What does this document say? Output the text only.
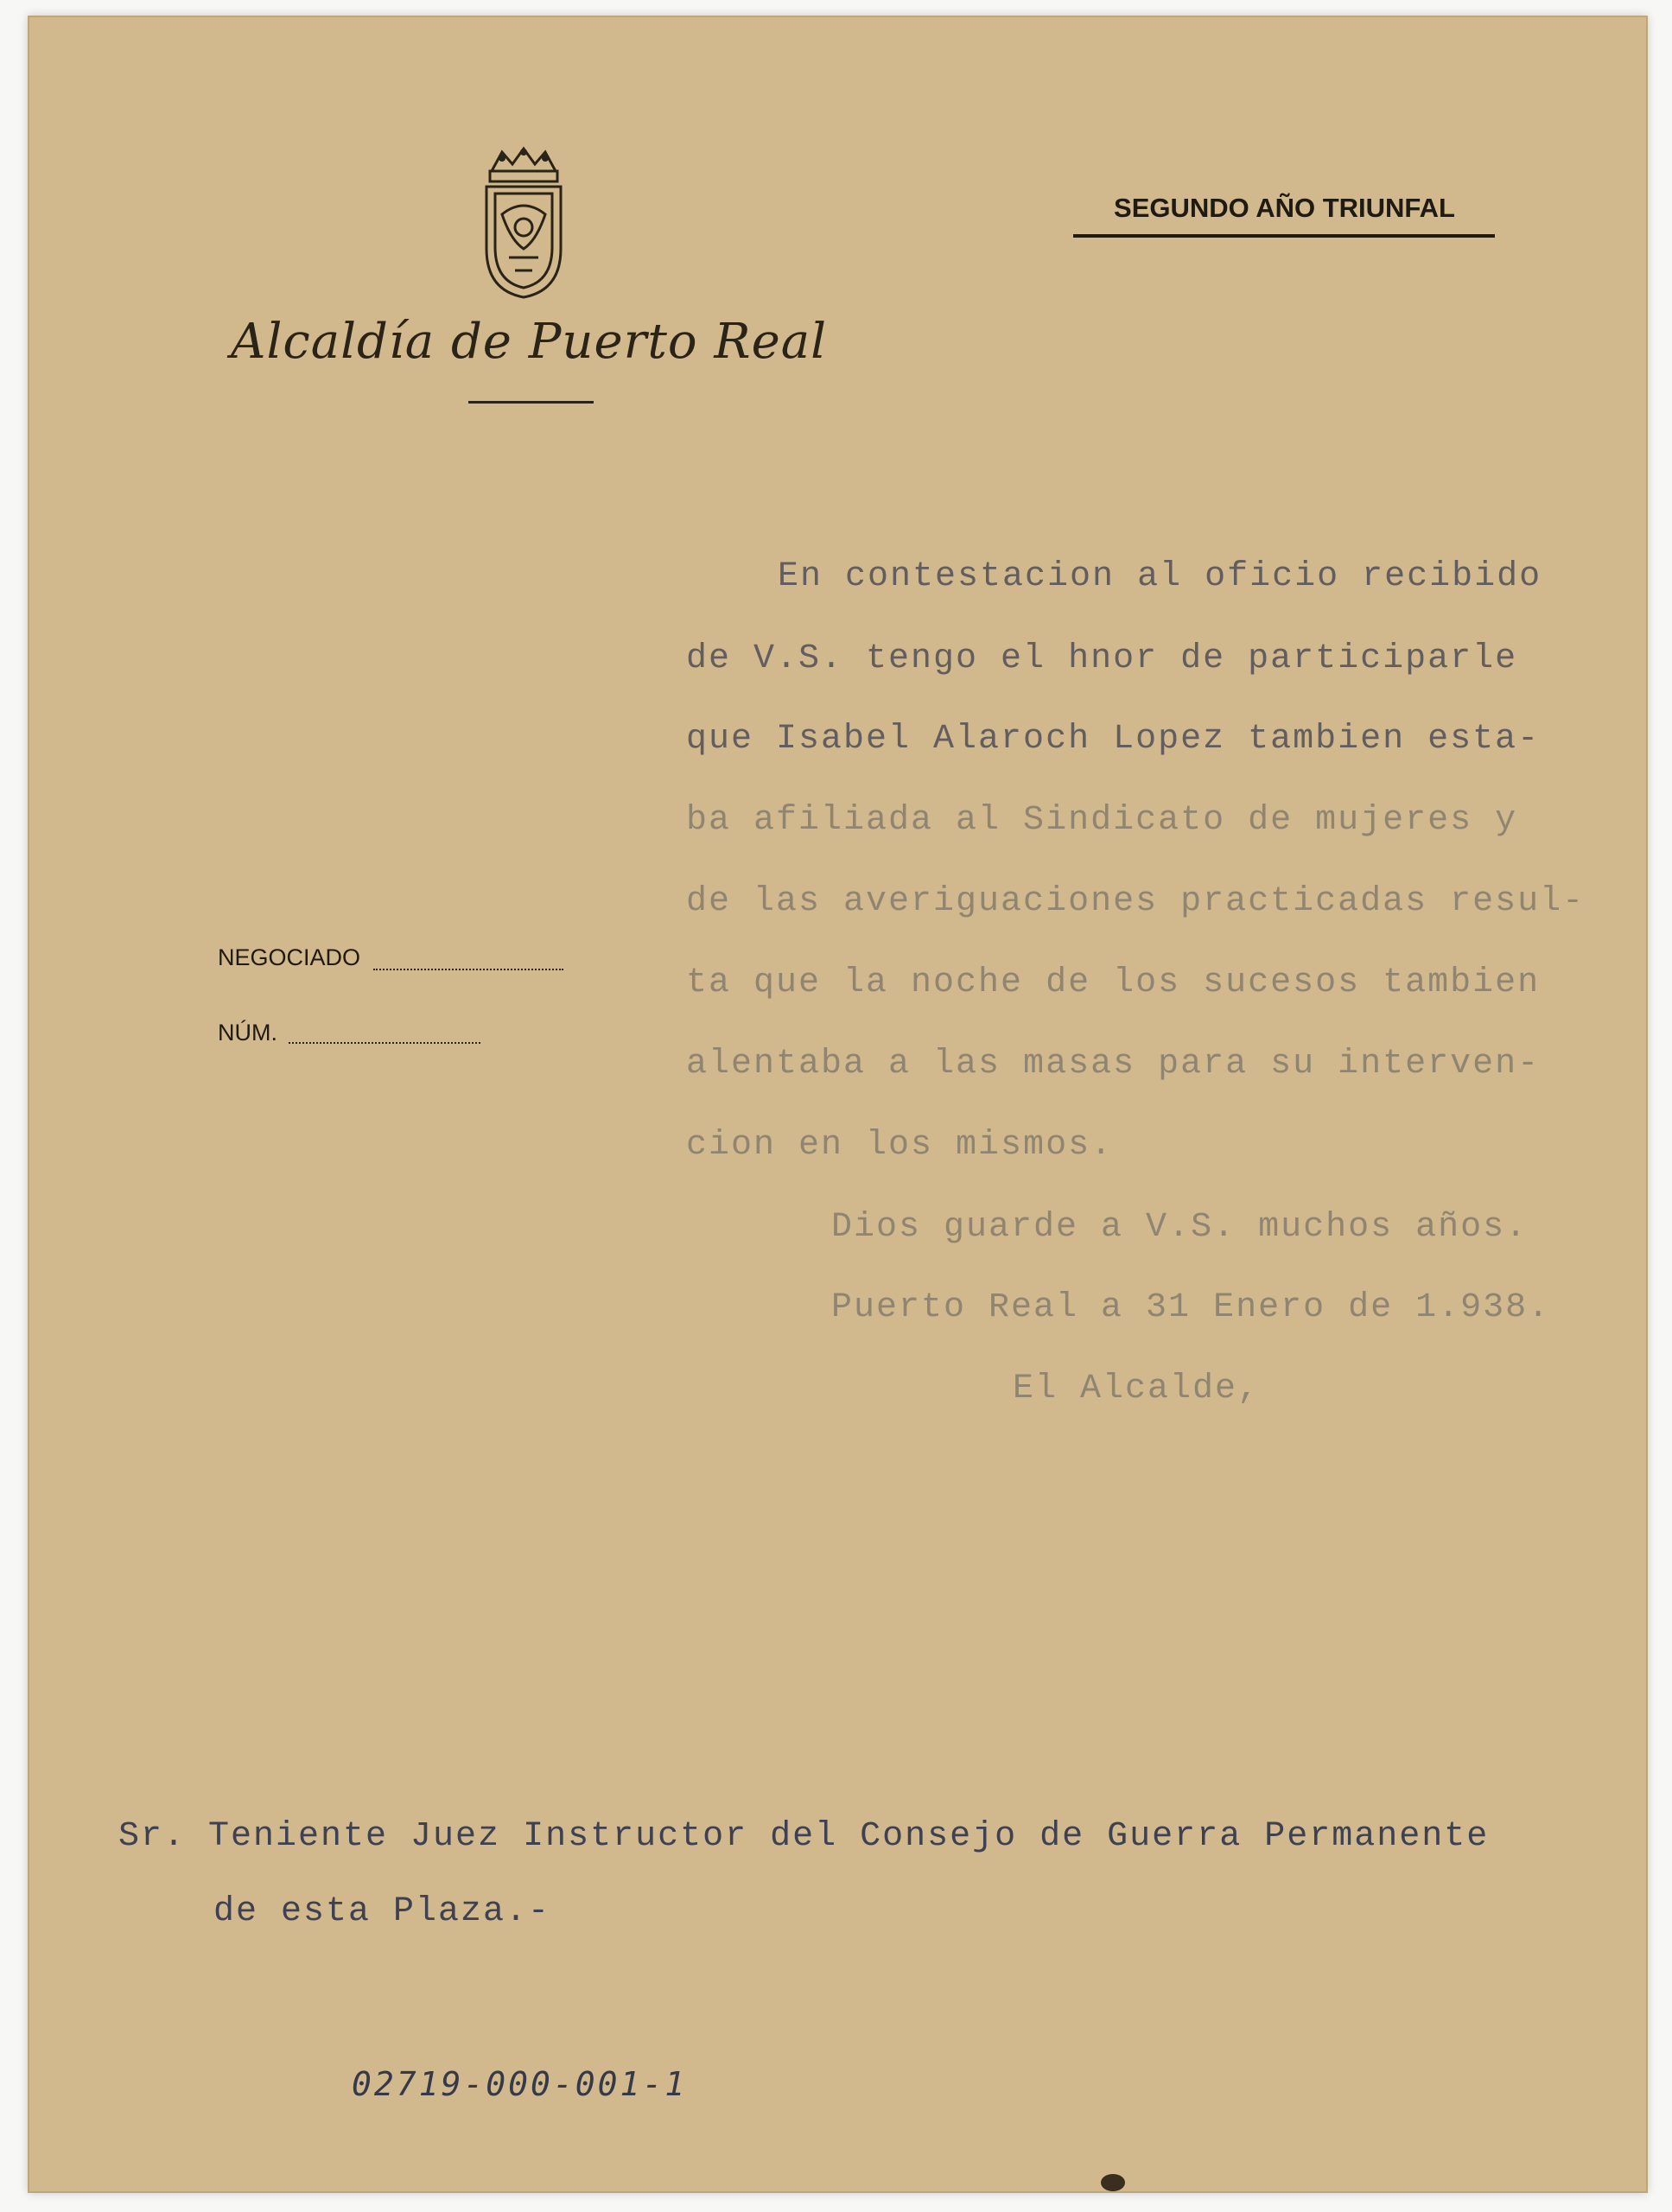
Alcaldía de Puerto Real
SEGUNDO AÑO TRIUNFAL
NEGOCIADO
NÚM.
En contestacion al oficio recibido
de V.S. tengo el hnor de participarle
que Isabel Alaroch Lopez tambien esta-
ba afiliada al Sindicato de mujeres y
de las averiguaciones practicadas resul-
ta que la noche de los sucesos tambien
alentaba a las masas para su interven-
cion en los mismos.
Dios guarde a V.S. muchos años.
Puerto Real a 31 Enero de 1.938.
El Alcalde,
Sr. Teniente Juez Instructor del Consejo de Guerra Permanente
de esta Plaza.-
02719-000-001-1
